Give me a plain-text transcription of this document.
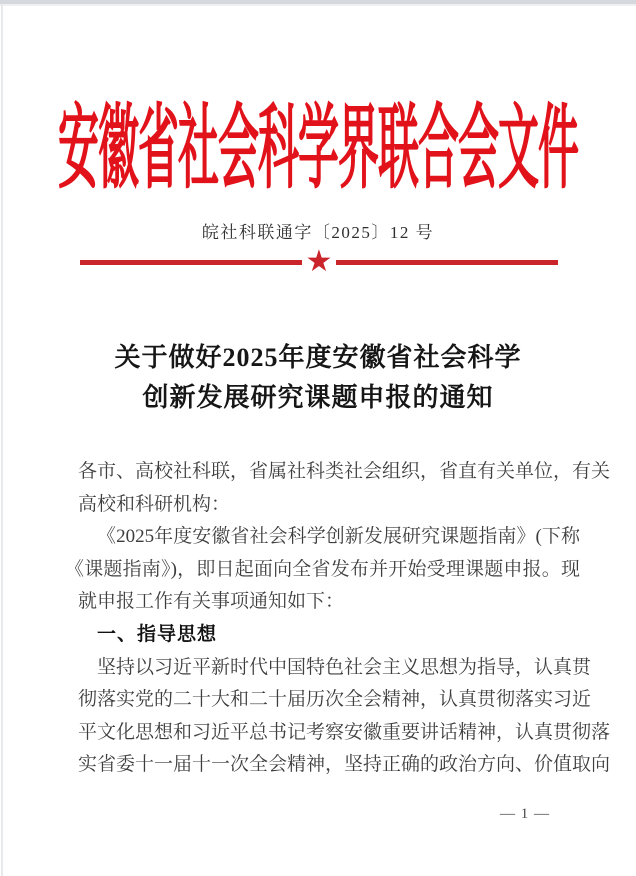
安徽省社会科学界联合会文件
皖社科联通字〔2025〕12 号
★
关于做好2025年度安徽省社会科学
创新发展研究课题申报的通知
各市、高校社科联，省属社科类社会组织，省直有关单位，有关
高校和科研机构：
《2025年度安徽省社会科学创新发展研究课题指南》(下称
《课题指南》)，即日起面向全省发布并开始受理课题申报。现
就申报工作有关事项通知如下：
一、指导思想
坚持以习近平新时代中国特色社会主义思想为指导，认真贯
彻落实党的二十大和二十届历次全会精神，认真贯彻落实习近
平文化思想和习近平总书记考察安徽重要讲话精神，认真贯彻落
实省委十一届十一次全会精神，坚持正确的政治方向、价值取向
— 1 —
